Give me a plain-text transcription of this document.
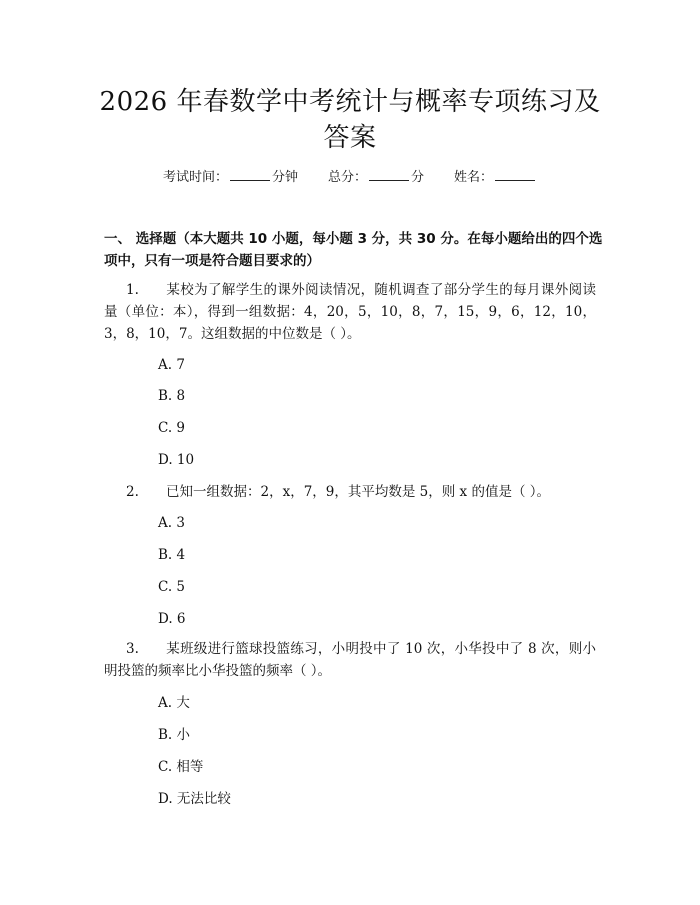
2026 年春数学中考统计与概率专项练习及答案
考试时间：	分钟 总分：	分 姓名：
一、 选择题（本大题共 10 小题，每小题 3 分，共 30 分。在每小题给出的四个选项中，只有一项是符合题目要求的）
1. 某校为了解学生的课外阅读情况，随机调查了部分学生的每月课外阅读量（单位：本），得到一组数据：4，20，5，10，8，7，15，9，6，12，10，3，8，10，7。这组数据的中位数是（ ）。
A. 7
B. 8
C. 9
D. 10
2. 已知一组数据：2，x，7，9，其平均数是 5，则 x 的值是（ ）。
A. 3
B. 4
C. 5
D. 6
3. 某班级进行篮球投篮练习，小明投中了 10 次，小华投中了 8 次，则小明投篮的频率比小华投篮的频率（ ）。
A. 大
B. 小
C. 相等
D. 无法比较
